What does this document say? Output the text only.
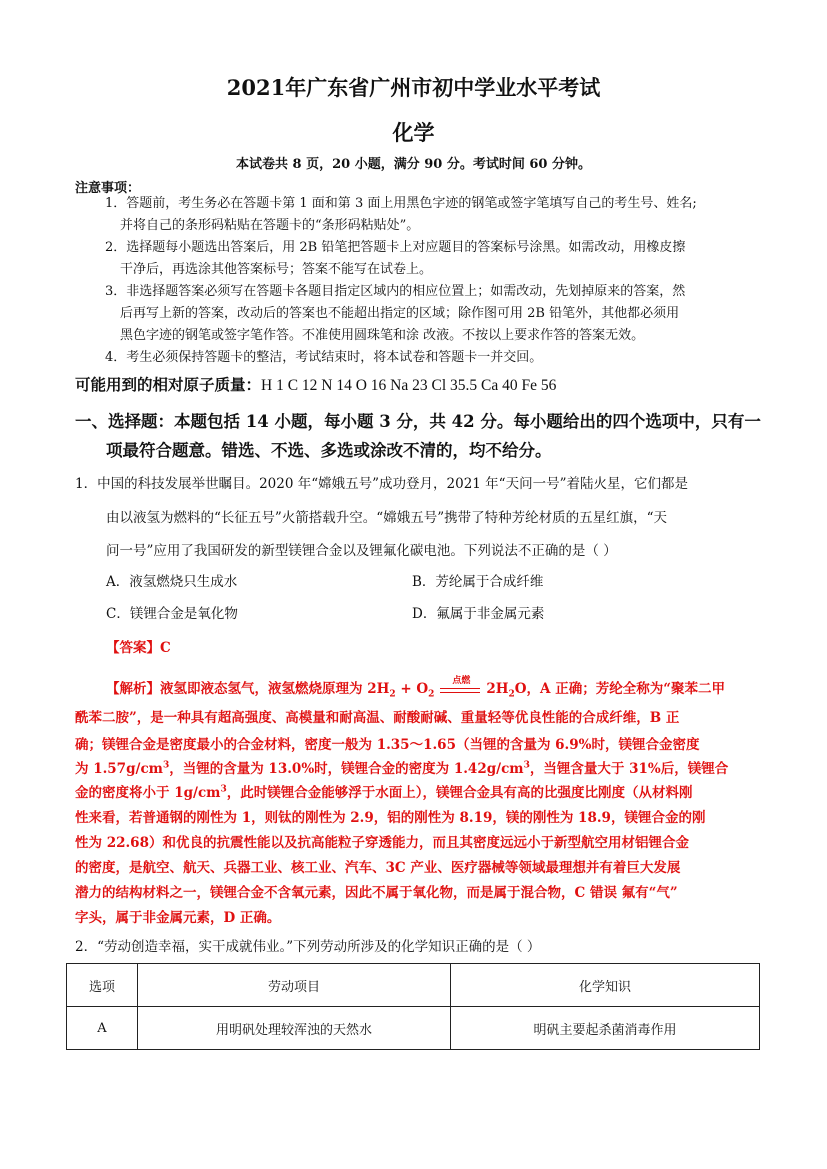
2021年广东省广州市初中学业水平考试
化学
本试卷共 8 页，20 小题，满分 90 分。考试时间 60 分钟。
注意事项：
1．答题前，考生务必在答题卡第 1 面和第 3 面上用黑色字迹的钢笔或签字笔填写自己的考生号、姓名;
并将自己的条形码粘贴在答题卡的“条形码粘贴处”。
2．选择题每小题选出答案后，用 2B 铅笔把答题卡上对应题目的答案标号涂黑。如需改动，用橡皮擦
干净后，再选涂其他答案标号；答案不能写在试卷上。
3．非选择题答案必须写在答题卡各题目指定区域内的相应位置上；如需改动，先划掉原来的答案，然
后再写上新的答案，改动后的答案也不能超出指定的区域；除作图可用 2B 铅笔外，其他都必须用
黑色字迹的钢笔或签字笔作答。不准使用圆珠笔和涂 改液。不按以上要求作答的答案无效。
4．考生必须保持答题卡的整洁，考试结束时，将本试卷和答题卡一并交回。
可能用到的相对原子质量：H 1 C 12 N 14 O 16 Na 23 Cl 35.5 Ca 40 Fe 56
一、选择题：本题包括 14 小题，每小题 3 分，共 42 分。每小题给出的四个选项中，只有一
项最符合题意。错选、不选、多选或涂改不清的，均不给分。
1．中国的科技发展举世瞩目。2020 年“嫦娥五号”成功登月，2021 年“天问一号”着陆火星，它们都是
由以液氢为燃料的“长征五号”火箭搭载升空。“嫦娥五号”携带了特种芳纶材质的五星红旗，“天
问一号”应用了我国研发的新型镁锂合金以及锂氟化碳电池。下列说法不正确的是（ ）
A．液氢燃烧只生成水	B．芳纶属于合成纤维
C．镁锂合金是氧化物	D．氟属于非金属元素
【答案】C
【解析】液氢即液态氢气，液氢燃烧原理为 $2H_2 + O_2$
点燃
$2H_2O$，A 正确；芳纶全称为“聚苯二甲
酰苯二胺”，是一种具有超高强度、高模量和耐高温、耐酸耐碱、重量轻等优良性能的合成纤维，B 正
确；镁锂合金是密度最小的合金材料，密度一般为 1.35～1.65（当锂的含量为 6.9%时，镁锂合金密度
为 $1.57g/cm^3$，当锂的含量为 13.0%时，镁锂合金的密度为 $1.42g/cm^3$，当锂含量大于 31%后，镁锂合
金的密度将小于 $1g/cm^3$，此时镁锂合金能够浮于水面上），镁锂合金具有高的比强度比刚度（从材料刚
性来看，若普通钢的刚性为 1，则钛的刚性为 2.9，铝的刚性为 8.19，镁的刚性为 18.9，镁锂合金的刚
性为 22.68）和优良的抗震性能以及抗高能粒子穿透能力，而且其密度远远小于新型航空用材铝锂合金
的密度，是航空、航天、兵器工业、核工业、汽车、3C 产业、医疗器械等领域最理想并有着巨大发展
潜力的结构材料之一，镁锂合金不含氧元素，因此不属于氧化物，而是属于混合物，C 错误 氟有“气”
字头，属于非金属元素，D 正确。
2．“劳动创造幸福，实干成就伟业。”下列劳动所涉及的化学知识正确的是（ ）
选项	劳动项目	化学知识
A	用明矾处理较浑浊的天然水	明矾主要起杀菌消毒作用
